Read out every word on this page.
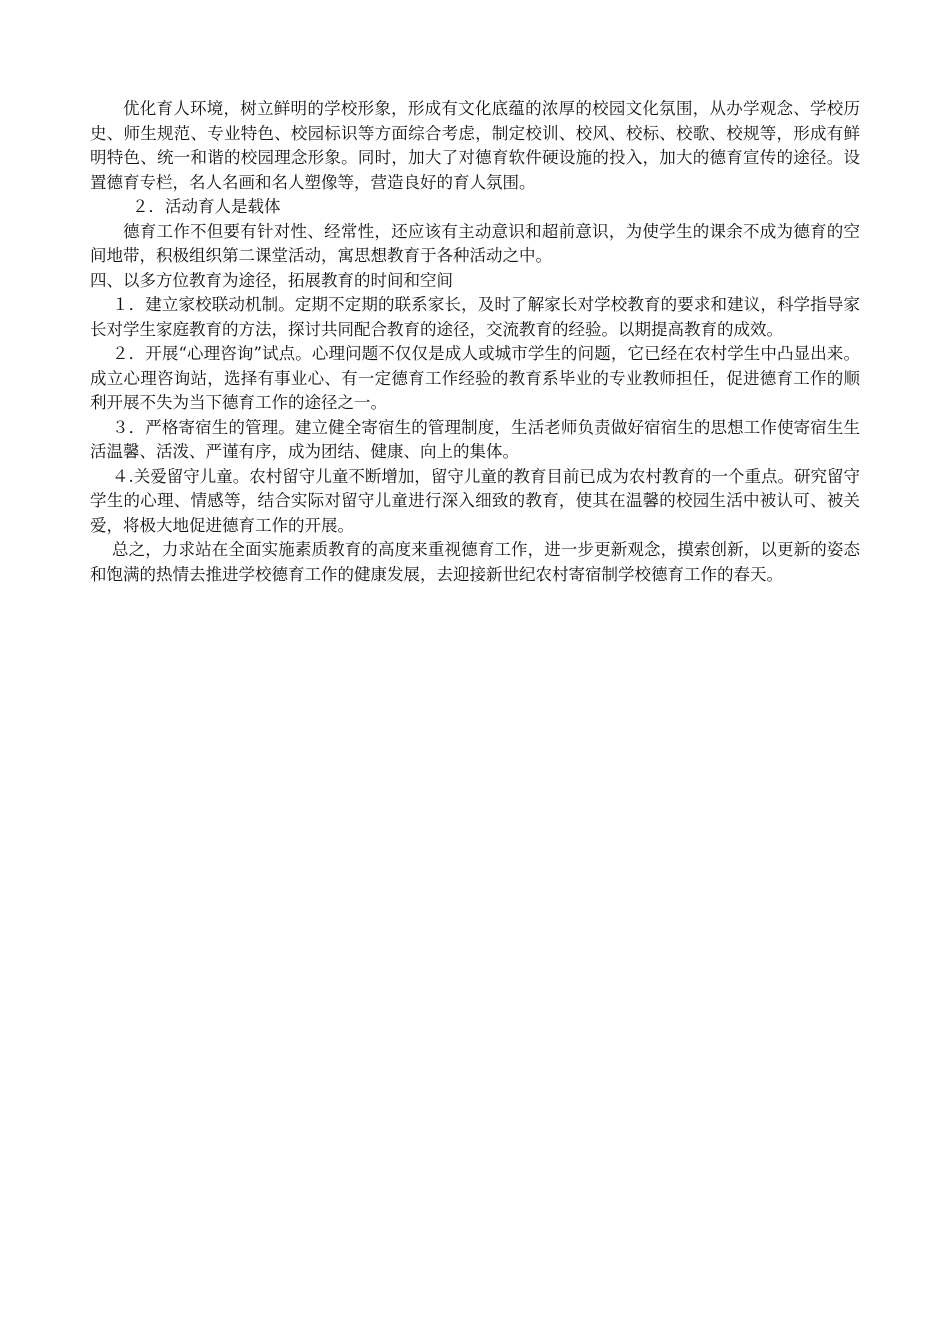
优化育人环境，树立鲜明的学校形象，形成有文化底蕴的浓厚的校园文化氛围，从办学观念、学校历史、师生规范、专业特色、校园标识等方面综合考虑，制定校训、校风、校标、校歌、校规等，形成有鲜明特色、统一和谐的校园理念形象。同时，加大了对德育软件硬设施的投入，加大的德育宣传的途径。设置德育专栏，名人名画和名人塑像等，营造良好的育人氛围。

２．活动育人是载体

德育工作不但要有针对性、经常性，还应该有主动意识和超前意识，为使学生的课余不成为德育的空间地带，积极组织第二课堂活动，寓思想教育于各种活动之中。

四、以多方位教育为途径，拓展教育的时间和空间

１．建立家校联动机制。定期不定期的联系家长，及时了解家长对学校教育的要求和建议，科学指导家长对学生家庭教育的方法，探讨共同配合教育的途径，交流教育的经验。以期提高教育的成效。

２．开展“心理咨询”试点。心理问题不仅仅是成人或城市学生的问题，它已经在农村学生中凸显出来。成立心理咨询站，选择有事业心、有一定德育工作经验的教育系毕业的专业教师担任，促进德育工作的顺利开展不失为当下德育工作的途径之一。

３．严格寄宿生的管理。建立健全寄宿生的管理制度，生活老师负责做好宿宿生的思想工作使寄宿生生活温馨、活泼、严谨有序，成为团结、健康、向上的集体。

４.关爱留守儿童。农村留守儿童不断增加，留守儿童的教育目前已成为农村教育的一个重点。研究留守学生的心理、情感等，结合实际对留守儿童进行深入细致的教育，使其在温馨的校园生活中被认可、被关爱，将极大地促进德育工作的开展。

总之，力求站在全面实施素质教育的高度来重视德育工作，进一步更新观念，摸索创新，以更新的姿态和饱满的热情去推进学校德育工作的健康发展，去迎接新世纪农村寄宿制学校德育工作的春天。
